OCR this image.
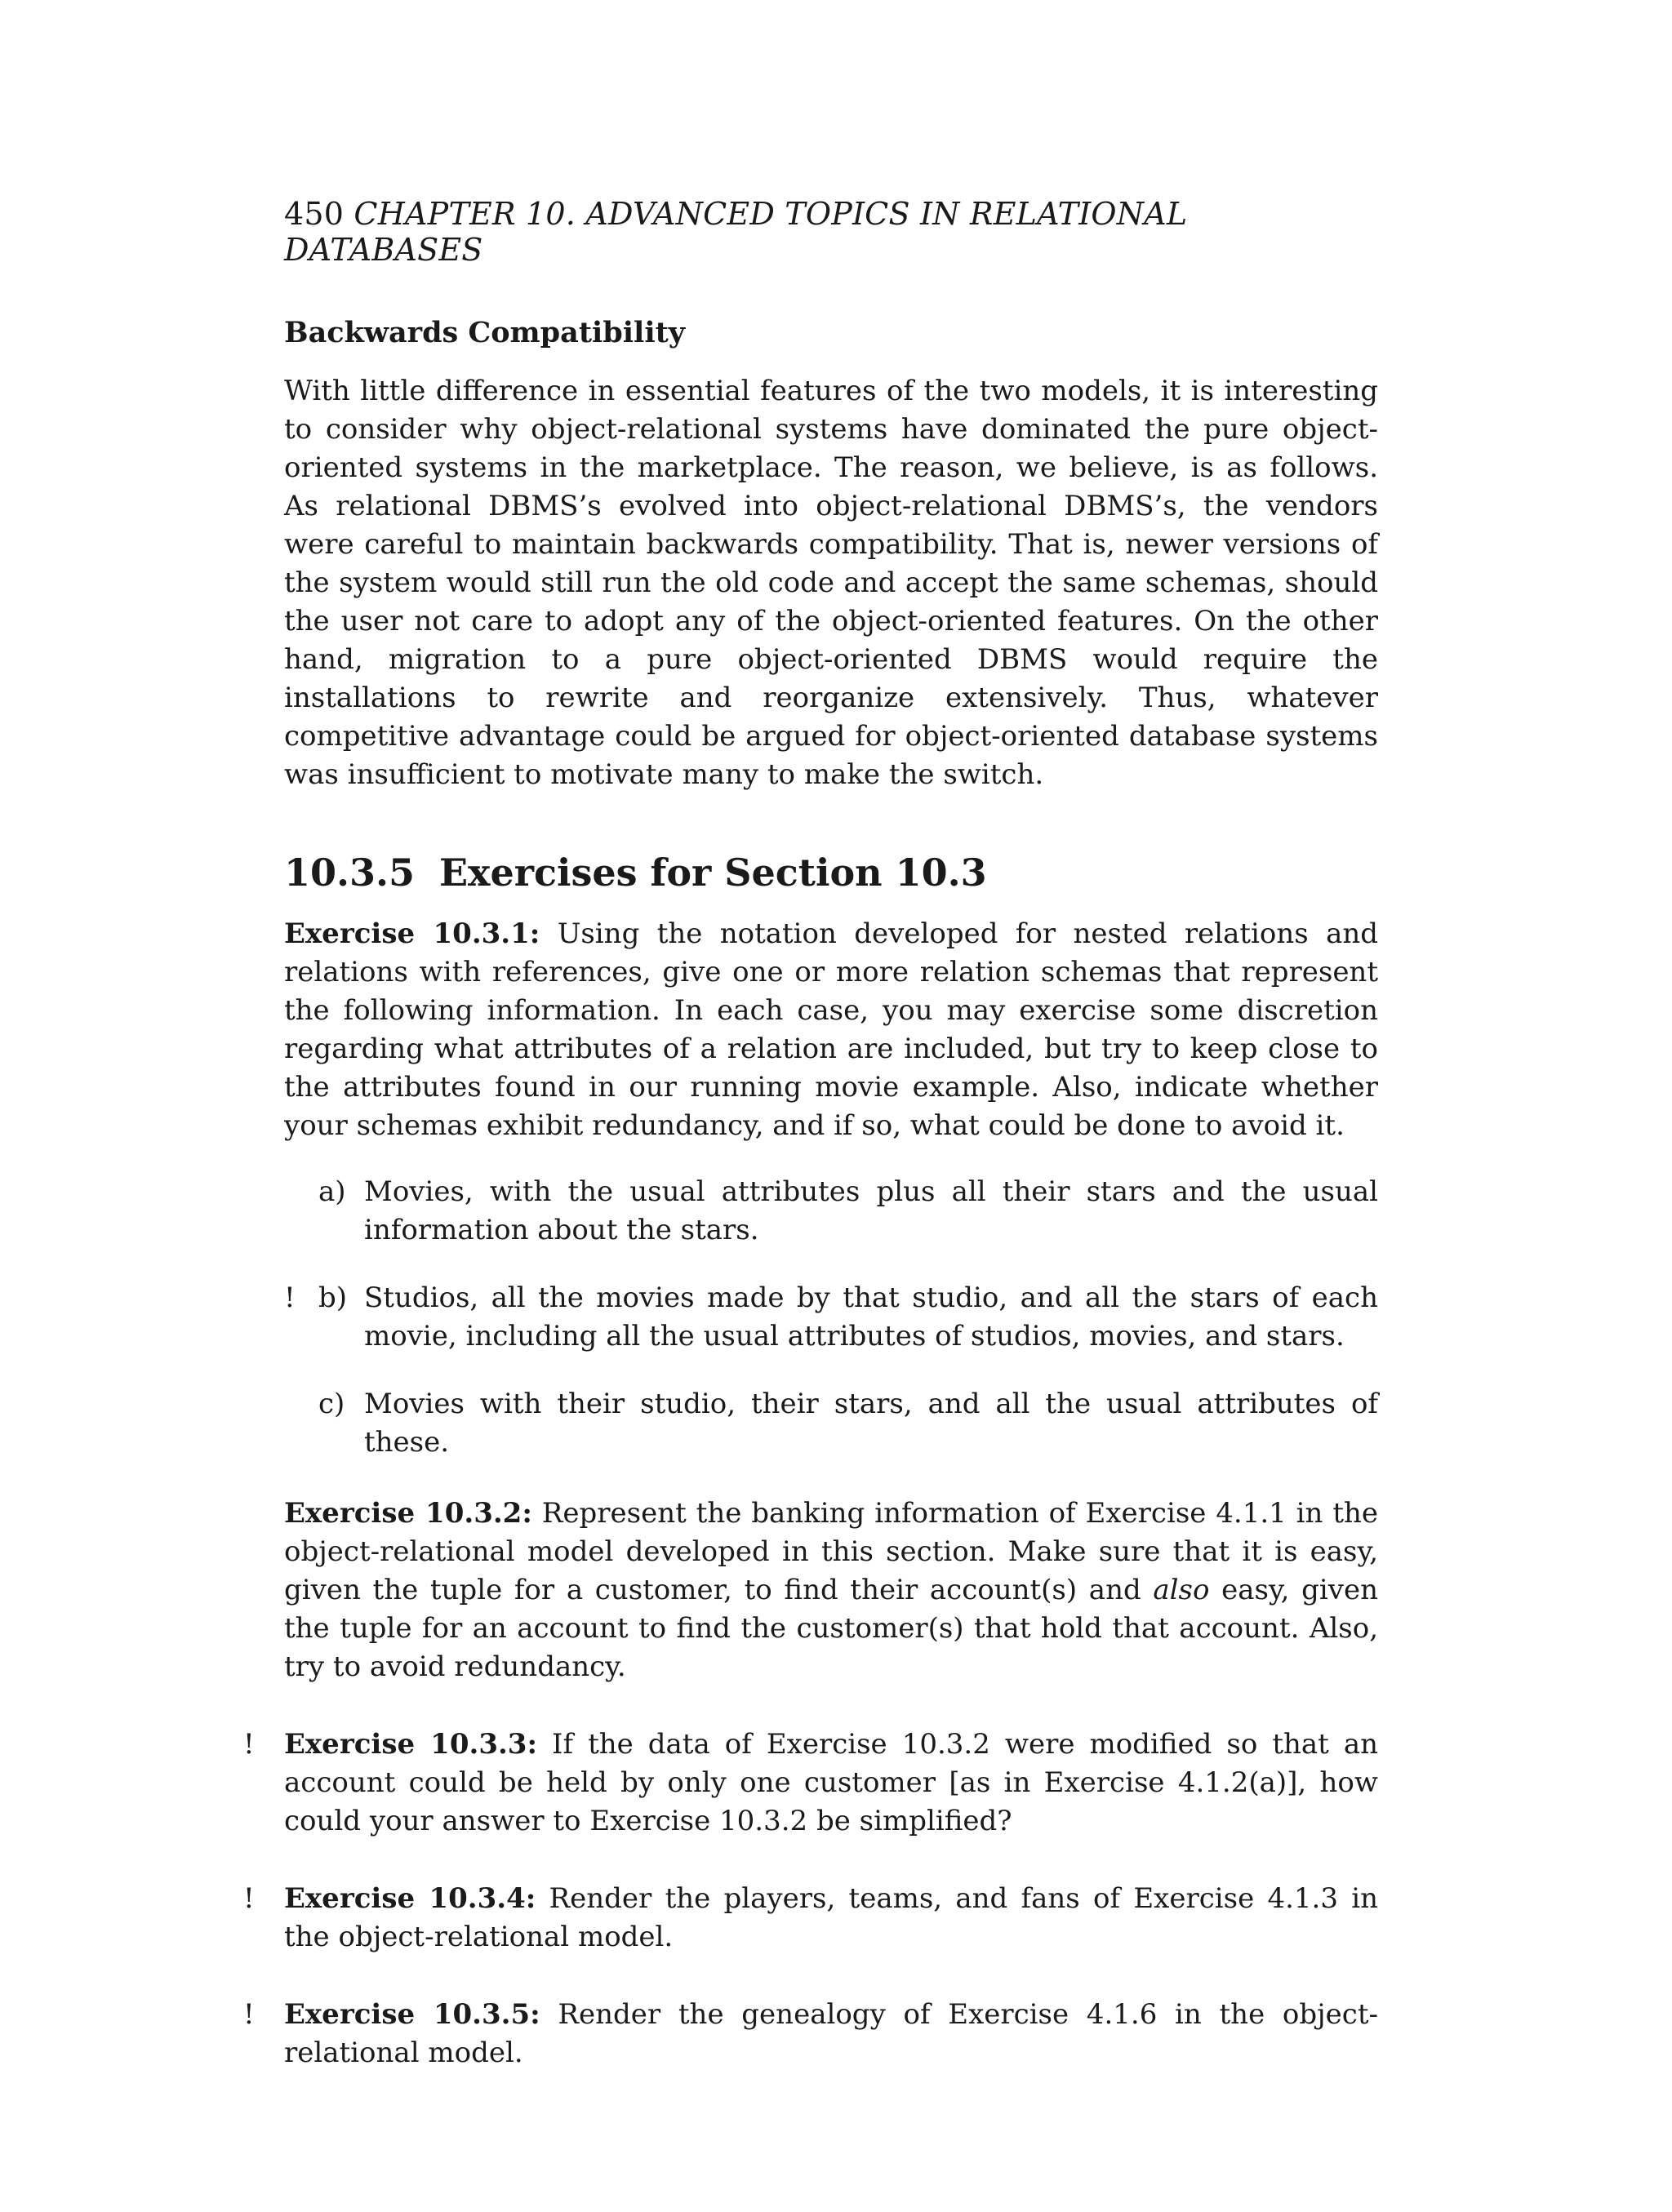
450 CHAPTER 10. ADVANCED TOPICS IN RELATIONAL DATABASES
Backwards Compatibility

With little difference in essential features of the two models, it is interesting to consider why object-relational systems have dominated the pure object-oriented systems in the marketplace. The reason, we believe, is as follows. As relational DBMS’s evolved into object-relational DBMS’s, the vendors were careful to maintain backwards compatibility. That is, newer versions of the system would still run the old code and accept the same schemas, should the user not care to adopt any of the object-oriented features. On the other hand, migration to a pure object-oriented DBMS would require the installations to rewrite and reorganize extensively. Thus, whatever competitive advantage could be argued for object-oriented database systems was insufficient to motivate many to make the switch.

10.3.5 Exercises for Section 10.3

Exercise 10.3.1: Using the notation developed for nested relations and relations with references, give one or more relation schemas that represent the following information. In each case, you may exercise some discretion regarding what attributes of a relation are included, but try to keep close to the attributes found in our running movie example. Also, indicate whether your schemas exhibit redundancy, and if so, what could be done to avoid it.

a) Movies, with the usual attributes plus all their stars and the usual information about the stars.
! b) Studios, all the movies made by that studio, and all the stars of each movie, including all the usual attributes of studios, movies, and stars.
c) Movies with their studio, their stars, and all the usual attributes of these.

Exercise 10.3.2: Represent the banking information of Exercise 4.1.1 in the object-relational model developed in this section. Make sure that it is easy, given the tuple for a customer, to find their account(s) and also easy, given the tuple for an account to find the customer(s) that hold that account. Also, try to avoid redundancy.

! Exercise 10.3.3: If the data of Exercise 10.3.2 were modified so that an account could be held by only one customer [as in Exercise 4.1.2(a)], how could your answer to Exercise 10.3.2 be simplified?

! Exercise 10.3.4: Render the players, teams, and fans of Exercise 4.1.3 in the object-relational model.

! Exercise 10.3.5: Render the genealogy of Exercise 4.1.6 in the object-relational model.
